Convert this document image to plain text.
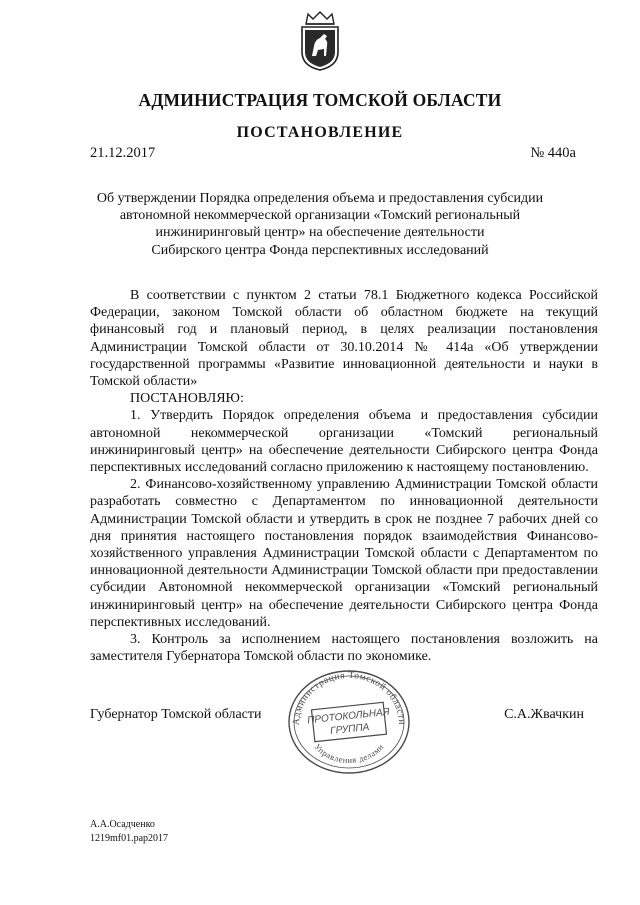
АДМИНИСТРАЦИЯ ТОМСКОЙ ОБЛАСТИ
ПОСТАНОВЛЕНИЕ
21.12.2017	№ 440а
Об утверждении Порядка определения объема и предоставления субсидии
автономной некоммерческой организации «Томский региональный
инжиниринговый центр» на обеспечение деятельности
Сибирского центра Фонда перспективных исследований

В соответствии с пунктом 2 статьи 78.1 Бюджетного кодекса Российской Федерации, законом Томской области об областном бюджете на текущий финансовый год и плановый период, в целях реализации постановления Администрации Томской области от 30.10.2014 № 414а «Об утверждении государственной программы «Развитие инновационной деятельности и науки в Томской области»

ПОСТАНОВЛЯЮ:

1. Утвердить Порядок определения объема и предоставления субсидии автономной некоммерческой организации «Томский региональный инжиниринговый центр» на обеспечение деятельности Сибирского центра Фонда перспективных исследований согласно приложению к настоящему постановлению.

2. Финансово-хозяйственному управлению Администрации Томской области разработать совместно с Департаментом по инновационной деятельности Администрации Томской области и утвердить в срок не позднее 7 рабочих дней со дня принятия настоящего постановления порядок взаимодействия Финансово-хозяйственного управления Администрации Томской области с Департаментом по инновационной деятельности Администрации Томской области при предоставлении субсидии Автономной некоммерческой организации «Томский региональный инжиниринговый центр» на обеспечение деятельности Сибирского центра Фонда перспективных исследований.

3. Контроль за исполнением настоящего постановления возложить на заместителя Губернатора Томской области по экономике.

Губернатор Томской области	С.А.Жвачкин
Администрация Томской области
Управления делами
ПРОТОКОЛЬНАЯ
ГРУППА
А.А.Осадченко
1219mf01.pap2017
